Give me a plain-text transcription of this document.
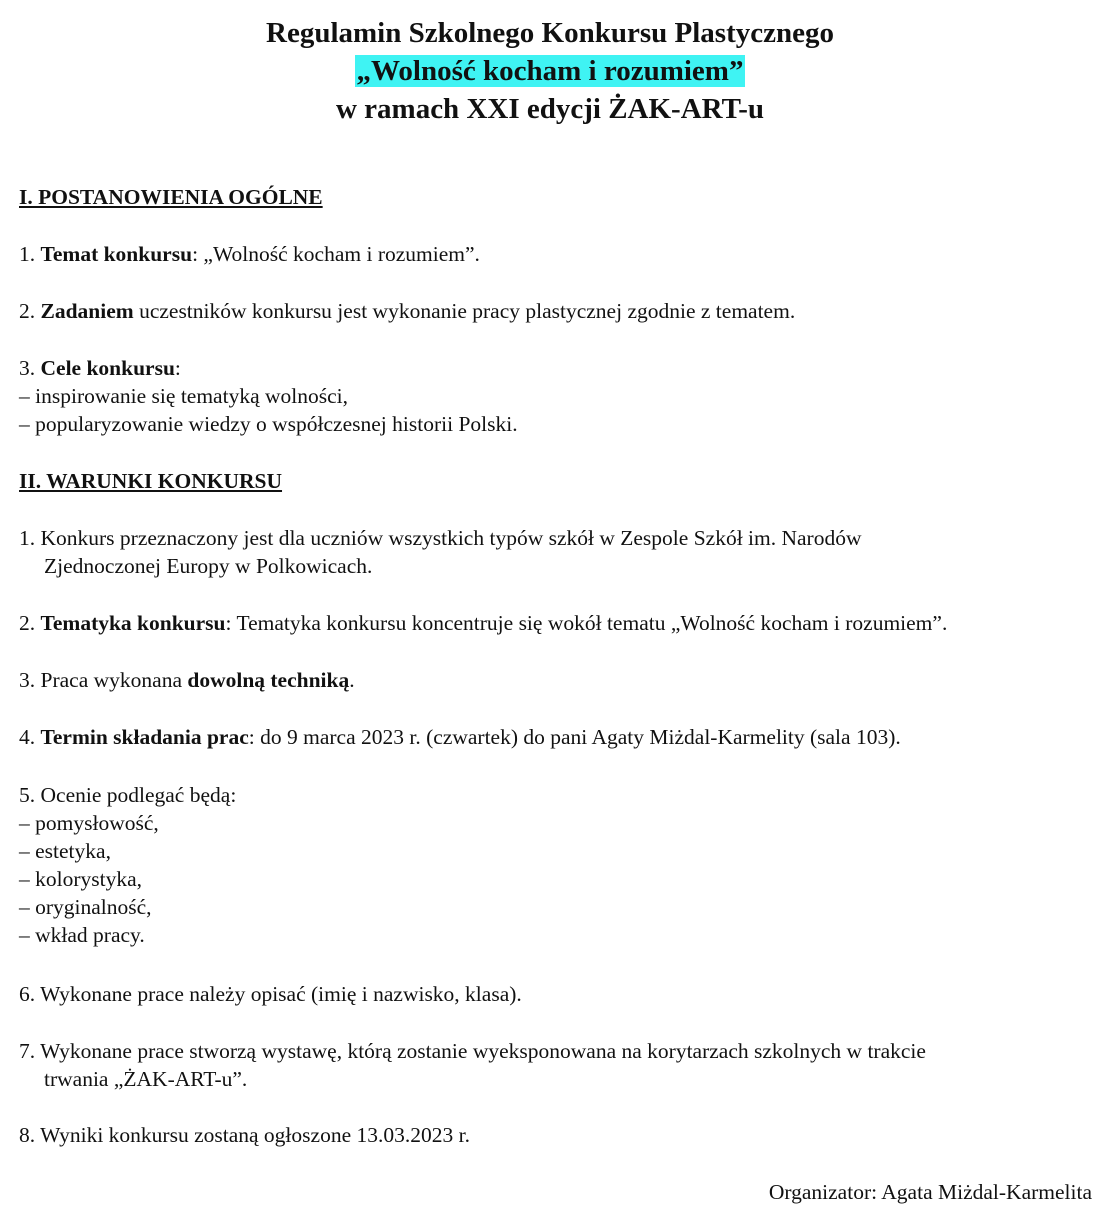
Regulamin Szkolnego Konkursu Plastycznego
„Wolność kocham i rozumiem”
w ramach XXI edycji ŻAK-ART-u
I. POSTANOWIENIA OGÓLNE

1. Temat konkursu: „Wolność kocham i rozumiem”.

2. Zadaniem uczestników konkursu jest wykonanie pracy plastycznej zgodnie z tematem.

3. Cele konkursu:
– inspirowanie się tematyką wolności,
– popularyzowanie wiedzy o współczesnej historii Polski.
II. WARUNKI KONKURSU
1. Konkurs przeznaczony jest dla uczniów wszystkich typów szkół w Zespole Szkół im. Narodów
Zjednoczonej Europy w Polkowicach.

2. Tematyka konkursu: Tematyka konkursu koncentruje się wokół tematu „Wolność kocham i rozumiem”.

3. Praca wykonana dowolną techniką.

4. Termin składania prac: do 9 marca 2023 r. (czwartek) do pani Agaty Miżdal-Karmelity (sala 103).

5. Ocenie podlegać będą:
– pomysłowość,
– estetyka,
– kolorystyka,
– oryginalność,
– wkład pracy.

6. Wykonane prace należy opisać (imię i nazwisko, klasa).

7. Wykonane prace stworzą wystawę, którą zostanie wyeksponowana na korytarzach szkolnych w trakcie
trwania „ŻAK-ART-u”.

8. Wyniki konkursu zostaną ogłoszone 13.03.2023 r.

Organizator: Agata Miżdal-Karmelita
